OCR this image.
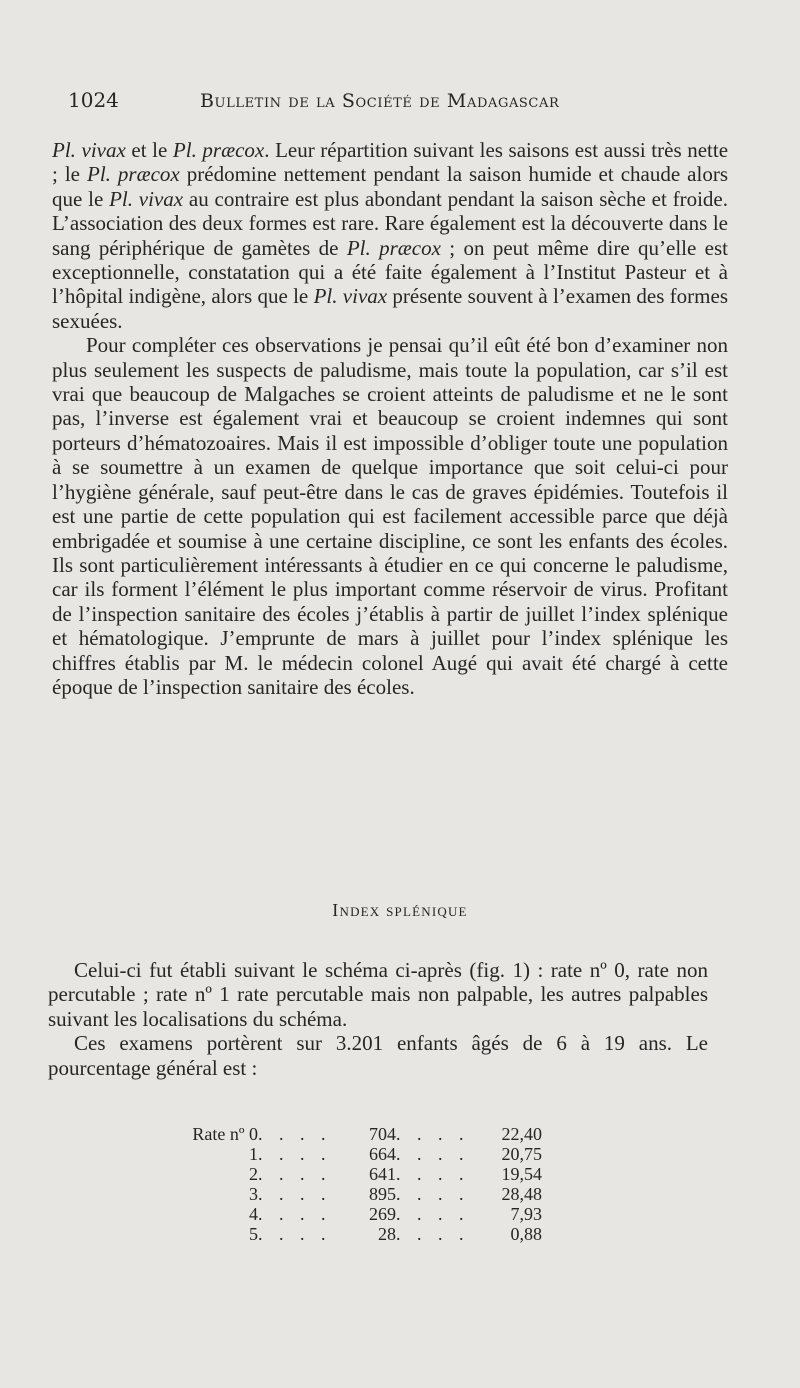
1024	Bulletin de la Société de Madagascar

Pl. vivax et le Pl. præcox. Leur répartition suivant les saisons est aussi très nette ; le Pl. præcox prédomine nettement pendant la saison humide et chaude alors que le Pl. vivax au contraire est plus abondant pendant la saison sèche et froide. L’association des deux formes est rare. Rare également est la découverte dans le sang périphérique de gamètes de Pl. præcox ; on peut même dire qu’elle est exceptionnelle, constatation qui a été faite également à l’Institut Pasteur et à l’hôpital indigène, alors que le Pl. vivax présente souvent à l’examen des formes sexuées.

Pour compléter ces observations je pensai qu’il eût été bon d’examiner non plus seulement les suspects de paludisme, mais toute la population, car s’il est vrai que beaucoup de Malgaches se croient atteints de paludisme et ne le sont pas, l’inverse est également vrai et beaucoup se croient indemnes qui sont porteurs d’hématozoaires. Mais il est impossible d’obliger toute une population à se soumettre à un examen de quelque importance que soit celui-ci pour l’hygiène générale, sauf peut-être dans le cas de graves épidémies. Toutefois il est une partie de cette population qui est facilement accessible parce que déjà embrigadée et soumise à une certaine discipline, ce sont les enfants des écoles. Ils sont particulièrement intéressants à étudier en ce qui concerne le paludisme, car ils forment l’élément le plus important comme réservoir de virus. Profitant de l’inspection sanitaire des écoles j’établis à partir de juillet l’index splénique et hématologique. J’emprunte de mars à juillet pour l’index splénique les chiffres établis par M. le médecin colonel Augé qui avait été chargé à cette époque de l’inspection sanitaire des écoles.

Index splénique

Celui-ci fut établi suivant le schéma ci-après (fig. 1) : rate nº 0, rate non percutable ; rate nº 1 rate percutable mais non palpable, les autres palpables suivant les localisations du schéma.

Ces examens portèrent sur 3.201 enfants âgés de 6 à 19 ans. Le pourcentage général est :

Rate nº 0	. . . .	704	. . . .	22,40
1	. . . .	664	. . . .	20,75
2	. . . .	641	. . . .	19,54
3	. . . .	895	. . . .	28,48
4	. . . .	269	. . . .	7,93
5	. . . .	28	. . . .	0,88
